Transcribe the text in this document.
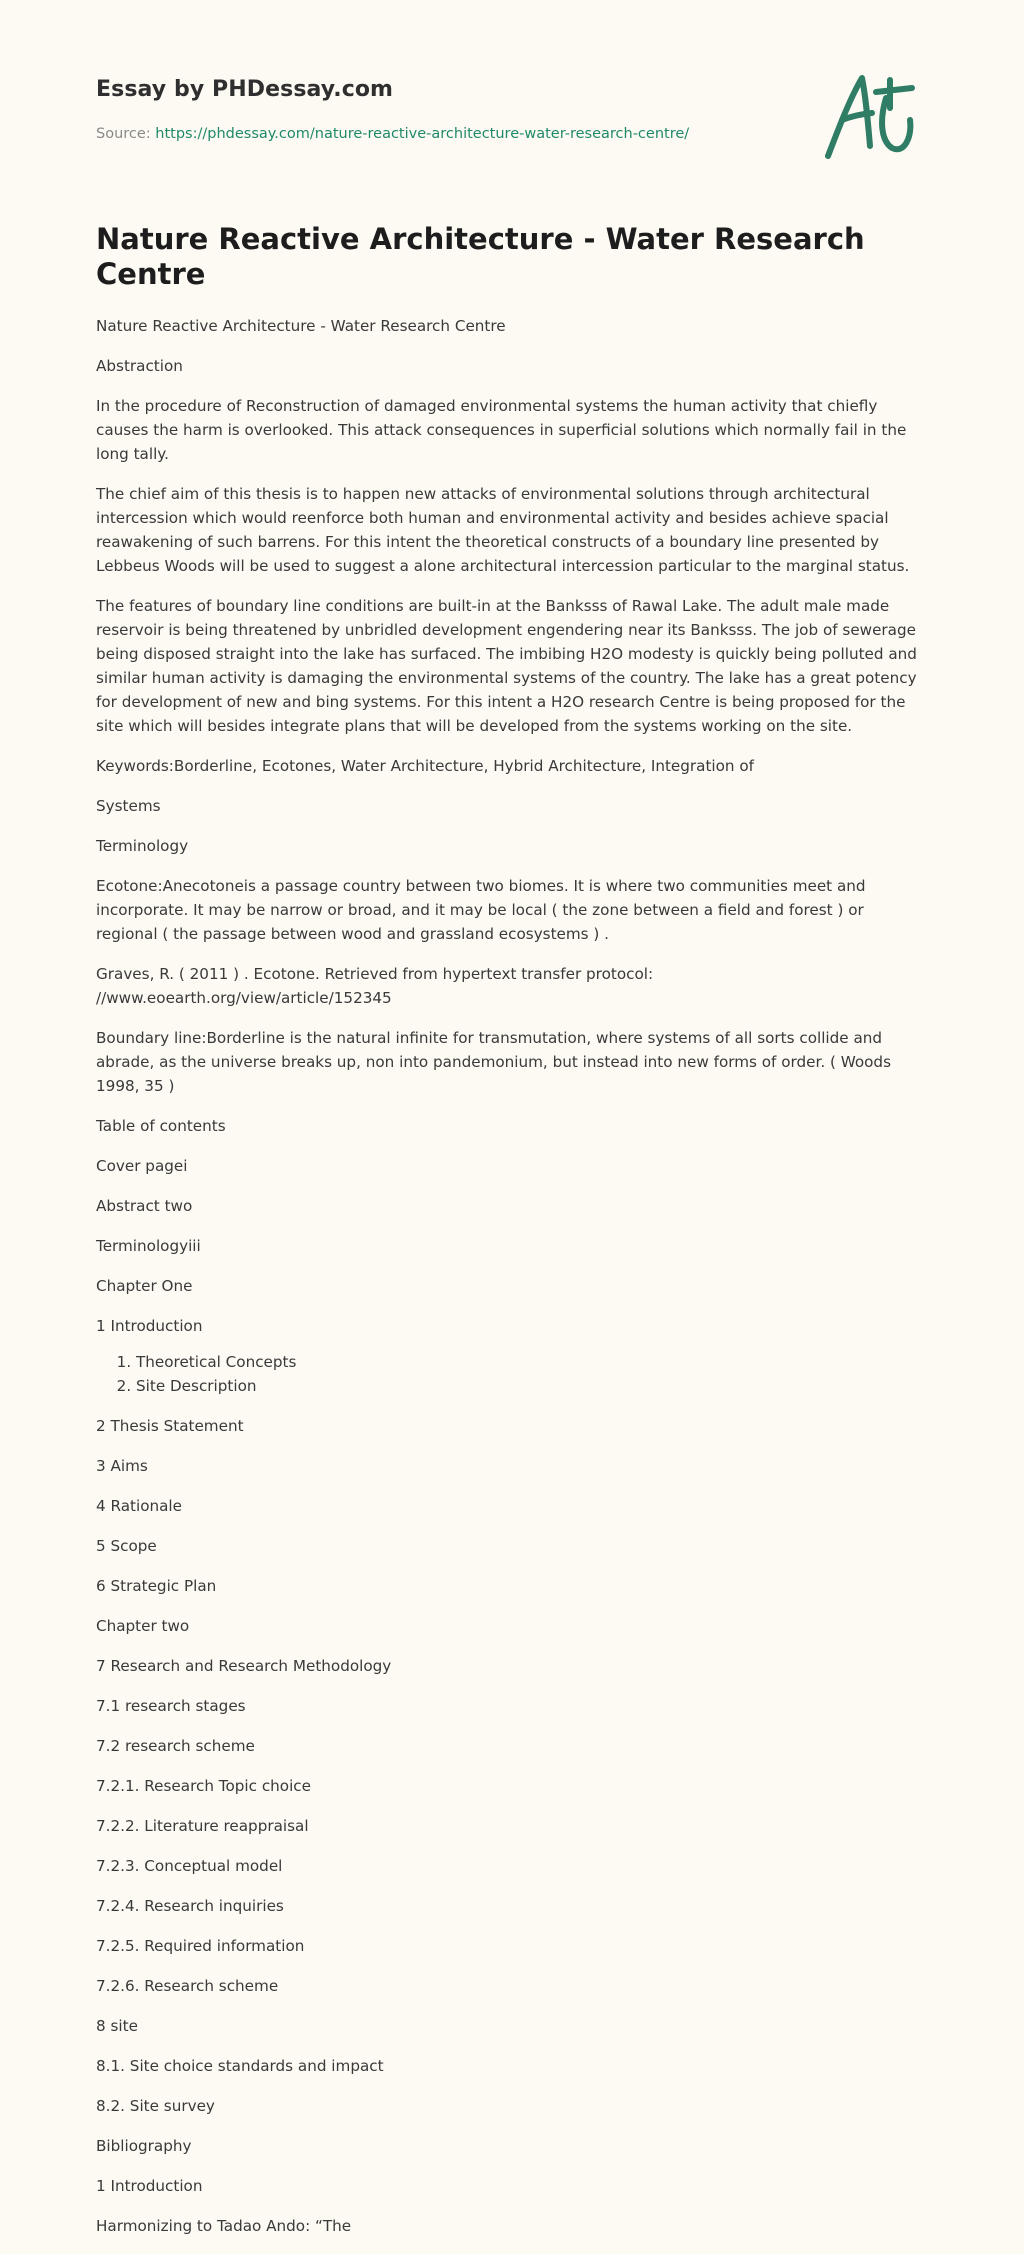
Essay by PHDessay.com

Source: https://phdessay.com/nature-reactive-architecture-water-research-centre/
Nature Reactive Architecture - Water Research Centre

Nature Reactive Architecture - Water Research Centre

Abstraction

In the procedure of Reconstruction of damaged environmental systems the human activity that chiefly causes the harm is overlooked. This attack consequences in superficial solutions which normally fail in the long tally.

The chief aim of this thesis is to happen new attacks of environmental solutions through architectural intercession which would reenforce both human and environmental activity and besides achieve spacial reawakening of such barrens. For this intent the theoretical constructs of a boundary line presented by Lebbeus Woods will be used to suggest a alone architectural intercession particular to the marginal status.

The features of boundary line conditions are built-in at the Banksss of Rawal Lake. The adult male made reservoir is being threatened by unbridled development engendering near its Banksss. The job of sewerage being disposed straight into the lake has surfaced. The imbibing H2O modesty is quickly being polluted and similar human activity is damaging the environmental systems of the country. The lake has a great potency for development of new and bing systems. For this intent a H2O research Centre is being proposed for the site which will besides integrate plans that will be developed from the systems working on the site.

Keywords:Borderline, Ecotones, Water Architecture, Hybrid Architecture, Integration of

Systems

Terminology

Ecotone:Anecotoneis a passage country between two biomes. It is where two communities meet and incorporate. It may be narrow or broad, and it may be local ( the zone between a field and forest ) or regional ( the passage between wood and grassland ecosystems ) .

Graves, R. ( 2011 ) . Ecotone. Retrieved from hypertext transfer protocol: //www.eoearth.org/view/article/152345

Boundary line:Borderline is the natural infinite for transmutation, where systems of all sorts collide and abrade, as the universe breaks up, non into pandemonium, but instead into new forms of order. ( Woods 1998, 35 )

Table of contents

Cover pagei

Abstract two

Terminologyiii

Chapter One

1 Introduction

1. Theoretical Concepts
2. Site Description

2 Thesis Statement

3 Aims

4 Rationale

5 Scope

6 Strategic Plan

Chapter two

7 Research and Research Methodology

7.1 research stages

7.2 research scheme

7.2.1. Research Topic choice

7.2.2. Literature reappraisal

7.2.3. Conceptual model

7.2.4. Research inquiries

7.2.5. Required information

7.2.6. Research scheme

8 site

8.1. Site choice standards and impact

8.2. Site survey

Bibliography

1 Introduction

Harmonizing to Tadao Ando: “The
